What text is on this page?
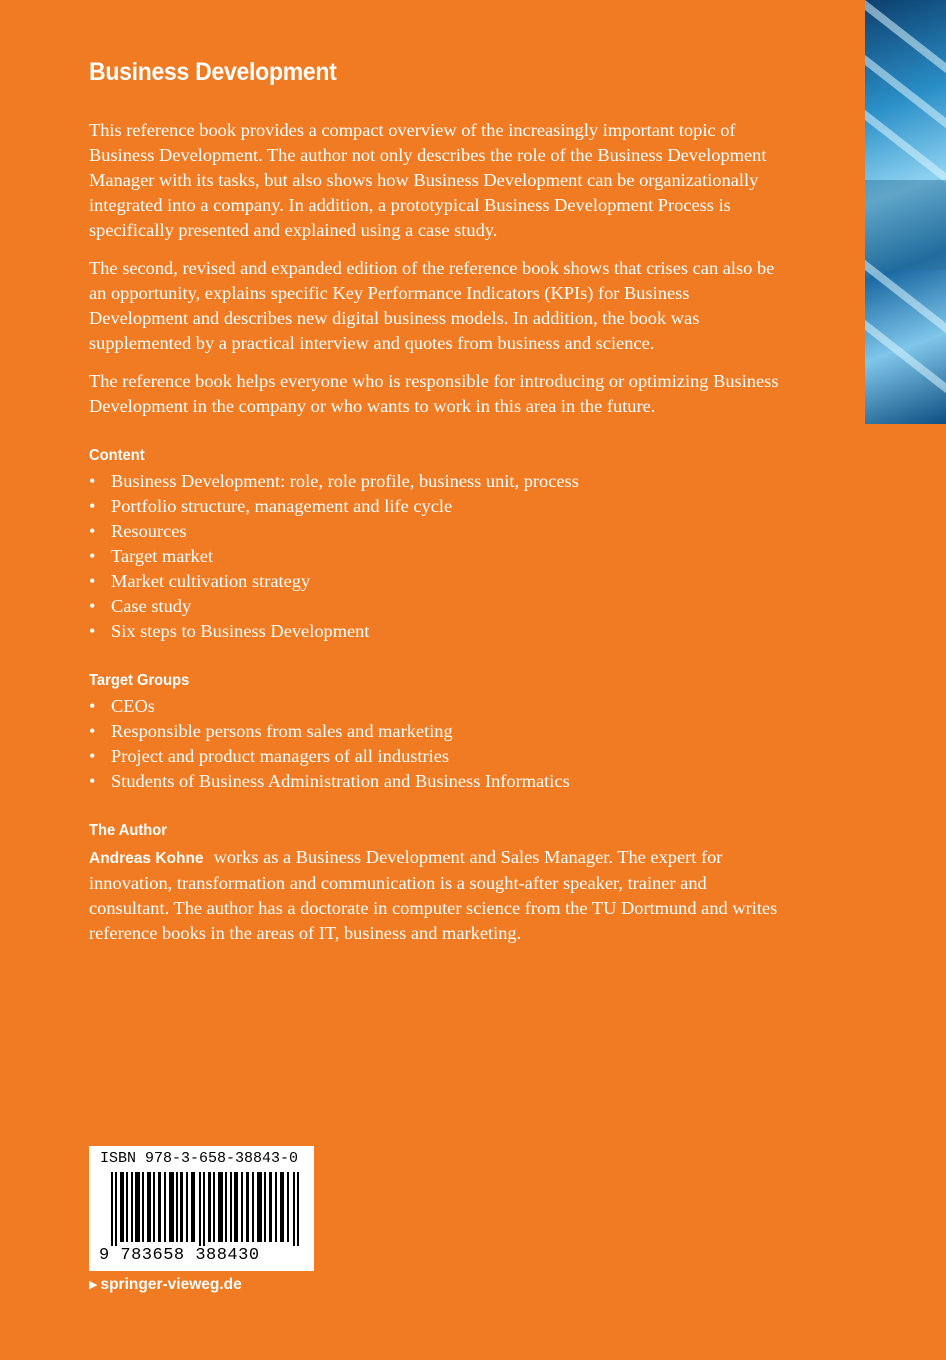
Business Development

This reference book provides a compact overview of the increasingly important topic of Business Development. The author not only describes the role of the Business Development Manager with its tasks, but also shows how Business Development can be organizationally integrated into a company. In addition, a prototypical Business Development Process is specifically presented and explained using a case study.

The second, revised and expanded edition of the reference book shows that crises can also be an opportunity, explains specific Key Performance Indicators (KPIs) for Business Development and describes new digital business models. In addition, the book was supplemented by a practical interview and quotes from business and science.

The reference book helps everyone who is responsible for introducing or optimizing Business Development in the company or who wants to work in this area in the future.

Content
• Business Development: role, role profile, business unit, process
• Portfolio structure, management and life cycle
• Resources
• Target market
• Market cultivation strategy
• Case study
• Six steps to Business Development
Target Groups
• CEOs
• Responsible persons from sales and marketing
• Project and product managers of all industries
• Students of Business Administration and Business Informatics
The Author

Andreas Kohne works as a Business Development and Sales Manager. The expert for innovation, transformation and communication is a sought-after speaker, trainer and consultant. The author has a doctorate in computer science from the TU Dortmund and writes reference books in the areas of IT, business and marketing.

ISBN 978-3-658-38843-0
9 783658 388430
▶ springer-vieweg.de
